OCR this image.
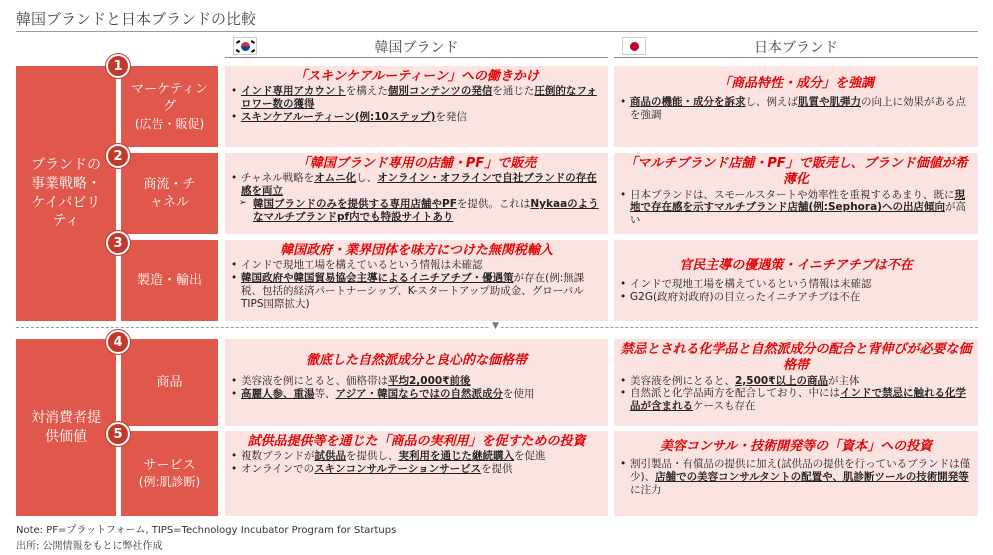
韓国ブランドと日本ブランドの比較
韓国ブランド	日本ブランド
ブランドの事業戦略・ケイパビリティ
対消費者提供価値
マーケティング
(広告・販促)
商流・チャネル
製造・輸出
商品
サービス
(例:肌診断)
1
2
3
4
5
「スキンケアルーティーン」への働きかけ
• インド専用アカウントを構えた個別コンテンツの発信を通じた圧倒的なフォロワー数の獲得
• スキンケアルーティーン(例:10ステップ)を発信
「商品特性・成分」を強調
• 商品の機能・成分を訴求し、例えば肌質や肌弾力の向上に効果がある点を強調
「韓国ブランド専用の店舗・PF」で販売
• チャネル戦略をオムニ化し、オンライン・オフラインで自社ブランドの存在感を両立
➢ 韓国ブランドのみを提供する専用店舗やPFを提供。これはNykaaのようなマルチブランドpf内でも特設サイトあり
「マルチブランド店舗・PF」で販売し、ブランド価値が希薄化
• 日本ブランドは、スモールスタートや効率性を重視するあまり、既に現地で存在感を示すマルチブランド店舗(例:Sephora)への出店傾向が高い
韓国政府・業界団体を味方につけた無関税輸入
• インドで現地工場を構えているという情報は未確認
• 韓国政府や韓国貿易協会主導によるイニチアチブ・優遇策が存在(例:無課税、包括的経済パートナーシップ、K-スタートアップ助成金、グローバルTIPS国際拡大)
官民主導の優遇策・イニチアチブは不在
• インドで現地工場を構えているという情報は未確認
• G2G(政府対政府)の目立ったイニチアチブは不在
▼
徹底した自然派成分と良心的な価格帯
• 美容液を例にとると、価格帯は平均2,000₹前後
• 高麗人参、重湯等、アジア・韓国ならではの自然派成分を使用
禁忌とされる化学品と自然派成分の配合と背伸びが必要な価格帯
• 美容液を例にとると、2,500₹以上の商品が主体
• 自然派と化学品両方を配合しており、中にはインドで禁忌に触れる化学品が含まれるケースも存在
試供品提供等を通じた「商品の実利用」を促すための投資
• 複数ブランドが試供品を提供し、実利用を通じた継続購入を促進
• オンラインでのスキンコンサルテーションサービスを提供
美容コンサル・技術開発等の「資本」への投資
• 割引製品・有償品の提供に加え(試供品の提供を行っているブランドは僅少)、店舗での美容コンサルタントの配置や、肌診断ツールの技術開発等に注力
Note: PF=プラットフォーム, TIPS=Technology Incubator Program for Startups
出所: 公開情報をもとに弊社作成
